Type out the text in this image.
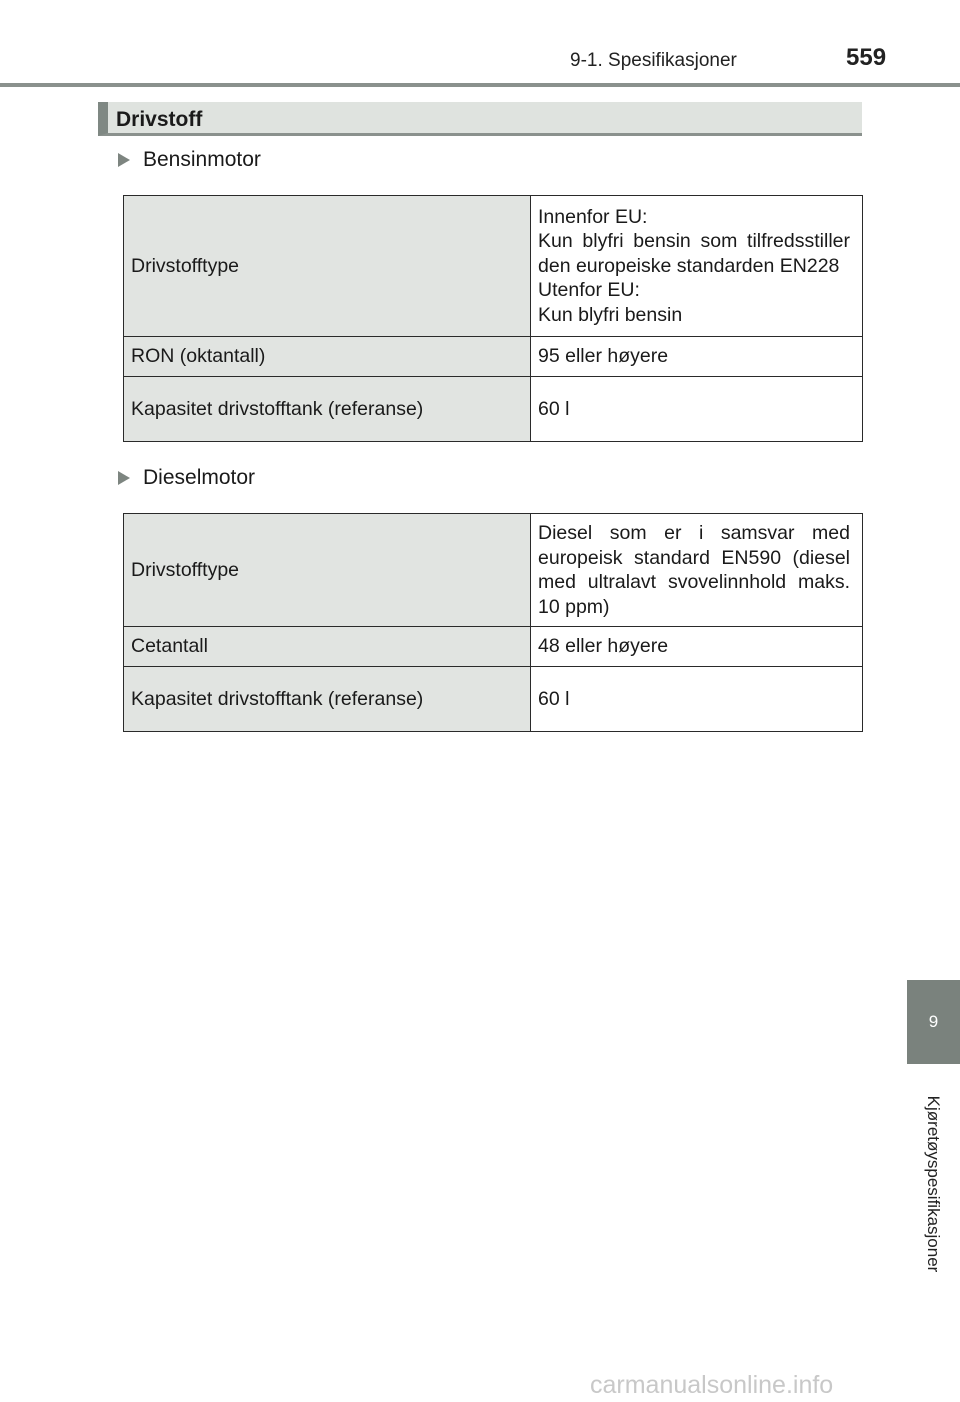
9-1. Spesifikasjoner	559
Drivstoff
Bensinmotor
Drivstofftype	Innenfor EU:
Kun blyfri bensin som tilfredsstiller den europeiske standarden EN228
Utenfor EU:
Kun blyfri bensin

RON (oktantall)	95 eller høyere
Kapasitet drivstofftank (referanse)	60 l
Dieselmotor
Drivstofftype	Diesel som er i samsvar med europeisk standard EN590 (diesel med ultralavt svovelinnhold maks. 10 ppm)
Cetantall	48 eller høyere
Kapasitet drivstofftank (referanse)	60 l
9
Kjøretøyspesifikasjoner
carmanualsonline.info
